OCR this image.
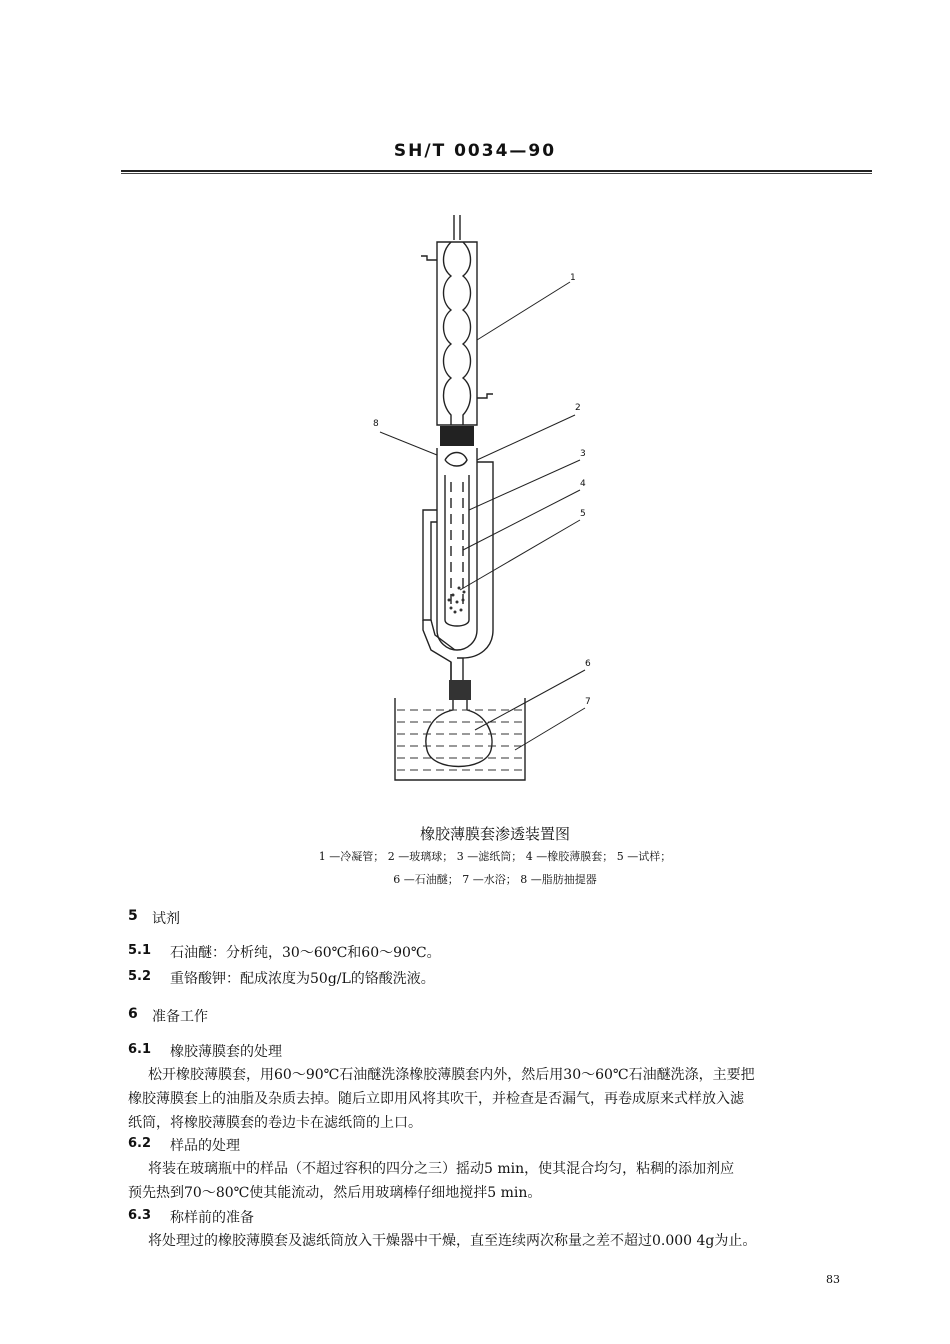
SH/T 0034—90
1
2
3
4
5
6
7
8
橡胶薄膜套渗透装置图
1 —冷凝管； 2 —玻璃球； 3 —滤纸筒； 4 —橡胶薄膜套； 5 —试样；
6 —石油醚； 7 —水浴； 8 —脂肪抽提器
5 试剂
5.1 石油醚：分析纯，30～60℃和60～90℃。
5.2 重铬酸钾：配成浓度为50g/L的铬酸洗液。
6 准备工作
6.1 橡胶薄膜套的处理
松开橡胶薄膜套，用60～90℃石油醚洗涤橡胶薄膜套内外，然后用30～60℃石油醚洗涤，主要把
橡胶薄膜套上的油脂及杂质去掉。随后立即用风将其吹干，并检查是否漏气，再卷成原来式样放入滤
纸筒，将橡胶薄膜套的卷边卡在滤纸筒的上口。
6.2 样品的处理
将装在玻璃瓶中的样品（不超过容积的四分之三）摇动5 min，使其混合均匀，粘稠的添加剂应
预先热到70～80℃使其能流动，然后用玻璃棒仔细地搅拌5 min。
6.3 称样前的准备
将处理过的橡胶薄膜套及滤纸筒放入干燥器中干燥，直至连续两次称量之差不超过0.000 4g为止。
83
